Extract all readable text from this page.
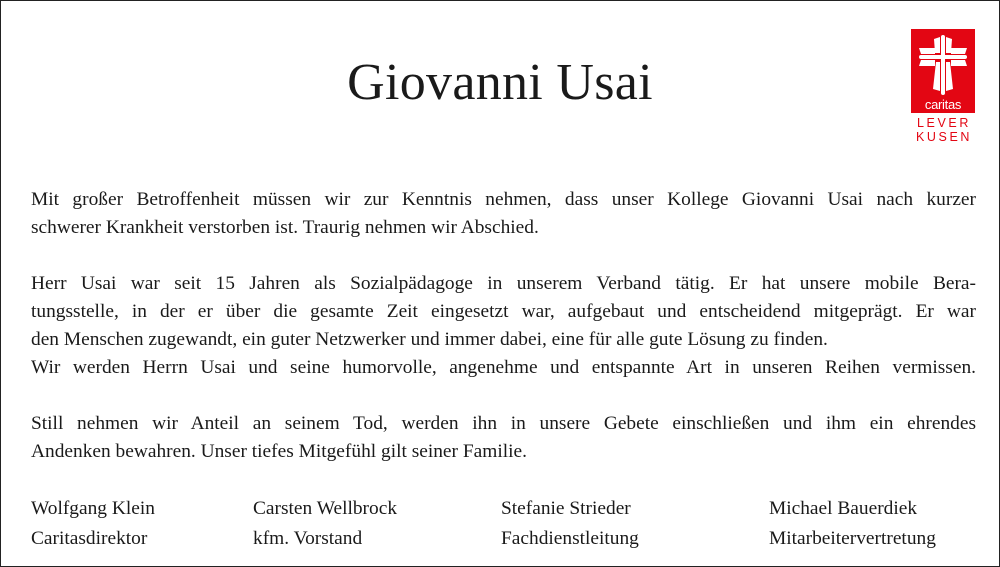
Giovanni Usai	caritas
LEVER
KUSEN

Mit großer Betroffenheit müssen wir zur Kenntnis nehmen, dass unser Kollege Giovanni Usai nach kurzer
schwerer Krankheit verstorben ist. Traurig nehmen wir Abschied.

Herr Usai war seit 15 Jahren als Sozialpädagoge in unserem Verband tätig. Er hat unsere mobile Bera-
tungsstelle, in der er über die gesamte Zeit eingesetzt war, aufgebaut und entscheidend mitgeprägt. Er war
den Menschen zugewandt, ein guter Netzwerker und immer dabei, eine für alle gute Lösung zu finden.
Wir werden Herrn Usai und seine humorvolle, angenehme und entspannte Art in unseren Reihen vermissen.

Still nehmen wir Anteil an seinem Tod, werden ihn in unsere Gebete einschließen und ihm ein ehrendes
Andenken bewahren. Unser tiefes Mitgefühl gilt seiner Familie.

Wolfgang Klein
Caritasdirektor
Carsten Wellbrock
kfm. Vorstand
Stefanie Strieder
Fachdienstleitung
Michael Bauerdiek
Mitarbeitervertretung
